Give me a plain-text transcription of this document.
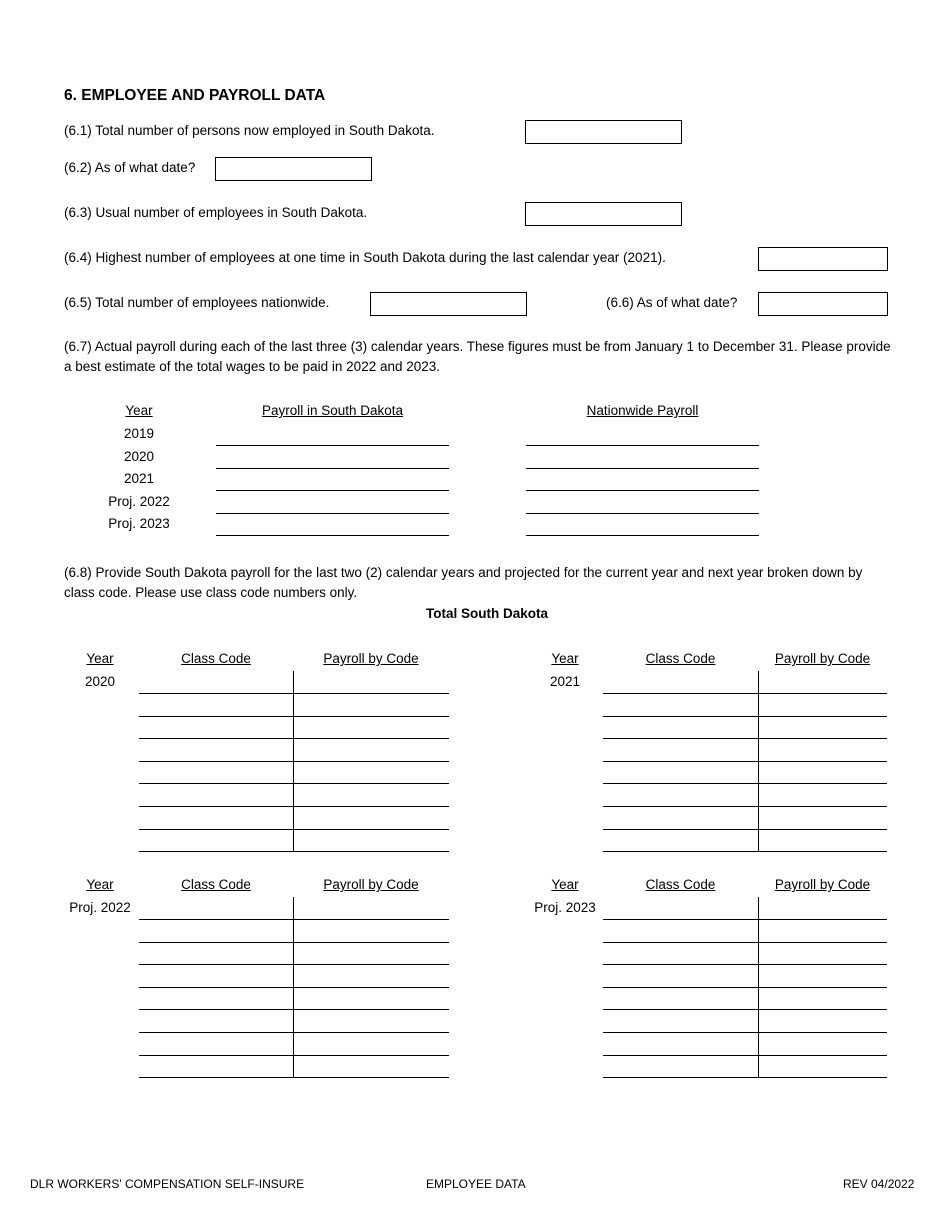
6. EMPLOYEE AND PAYROLL DATA
(6.1) Total number of persons now employed in South Dakota.
(6.2) As of what date?
(6.3) Usual number of employees in South Dakota.
(6.4) Highest number of employees at one time in South Dakota during the last calendar year (2021).
(6.5) Total number of employees nationwide.	(6.6) As of what date?
(6.7) Actual payroll during each of the last three (3) calendar years. These figures must be from January 1 to December 31. Please provide a best estimate of the total wages to be paid in 2022 and 2023.
Year	Payroll in South Dakota	Nationwide Payroll
2019
2020
2021
Proj. 2022
Proj. 2023
(6.8) Provide South Dakota payroll for the last two (2) calendar years and projected for the current year and next year broken down by class code. Please use class code numbers only.
Total South Dakota
Year	Class Code	Payroll by Code
2020
Year	Class Code	Payroll by Code
2021
Year	Class Code	Payroll by Code
Proj. 2022
Year	Class Code	Payroll by Code
Proj. 2023
DLR WORKERS' COMPENSATION SELF-INSURE	EMPLOYEE DATA	REV 04/2022
